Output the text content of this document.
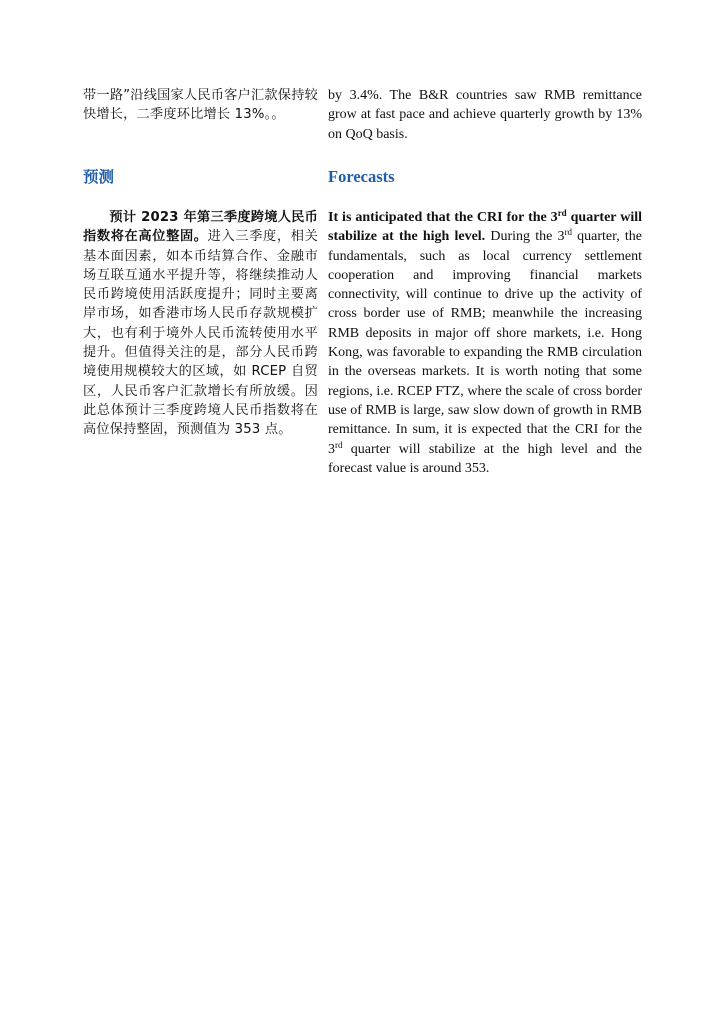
带一路”沿线国家人民币客户汇款保持较快增长，二季度环比增长 13%。。

by 3.4%. The B&R countries saw RMB remittance grow at fast pace and achieve quarterly growth by 13% on QoQ basis.

预测	Forecasts

预计 2023 年第三季度跨境人民币指数将在高位整固。进入三季度，相关基本面因素，如本币结算合作、金融市场互联互通水平提升等，将继续推动人民币跨境使用活跃度提升；同时主要离岸市场，如香港市场人民币存款规模扩大，也有利于境外人民币流转使用水平提升。但值得关注的是，部分人民币跨境使用规模较大的区域，如 RCEP 自贸区，人民币客户汇款增长有所放缓。因此总体预计三季度跨境人民币指数将在高位保持整固，预测值为 353 点。

It is anticipated that the CRI for the 3rd quarter will stabilize at the high level. During the 3rd quarter, the fundamentals, such as local currency settlement cooperation and improving financial markets connectivity, will continue to drive up the activity of cross border use of RMB; meanwhile the increasing RMB deposits in major off shore markets, i.e. Hong Kong, was favorable to expanding the RMB circulation in the overseas markets. It is worth noting that some regions, i.e. RCEP FTZ, where the scale of cross border use of RMB is large, saw slow down of growth in RMB remittance. In sum, it is expected that the CRI for the 3rd quarter will stabilize at the high level and the forecast value is around 353.
